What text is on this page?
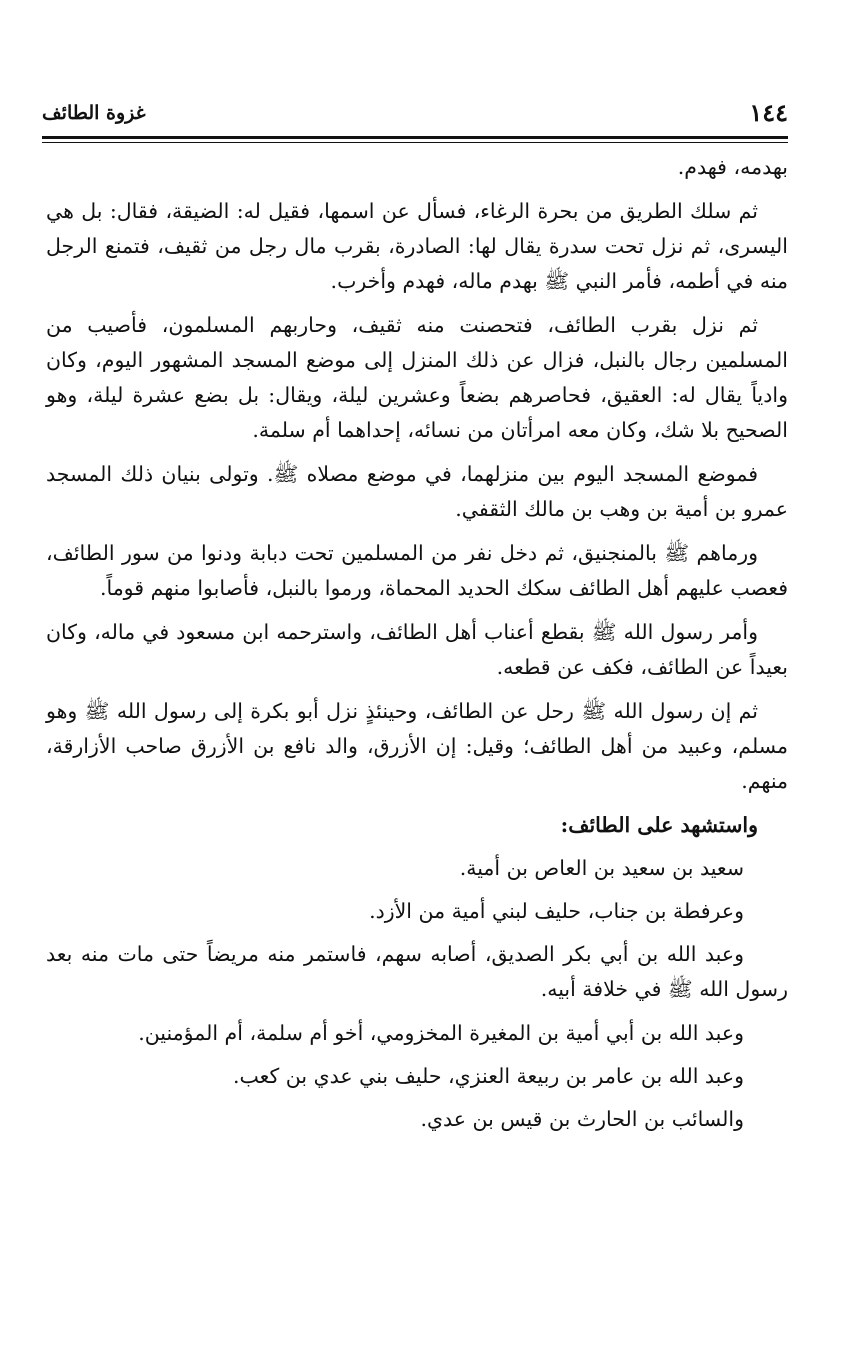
١٤٤
غزوة الطائف

بهدمه، فهدم.

ثم سلك الطريق من بحرة الرغاء، فسأل عن اسمها، فقيل له: الضيقة، فقال: بل هي اليسرى، ثم نزل تحت سدرة يقال لها: الصادرة، بقرب مال رجل من ثقيف، فتمنع الرجل منه في أطمه، فأمر النبي ﷺ بهدم ماله، فهدم وأخرب.

ثم نزل بقرب الطائف، فتحصنت منه ثقيف، وحاربهم المسلمون، فأصيب من المسلمين رجال بالنبل، فزال عن ذلك المنزل إلى موضع المسجد المشهور اليوم، وكان وادياً يقال له: العقيق، فحاصرهم بضعاً وعشرين ليلة، ويقال: بل بضع عشرة ليلة، وهو الصحيح بلا شك، وكان معه امرأتان من نسائه، إحداهما أم سلمة.

فموضع المسجد اليوم بين منزلهما، في موضع مصلاه ﷺ. وتولى بنيان ذلك المسجد عمرو بن أمية بن وهب بن مالك الثقفي.

ورماهم ﷺ بالمنجنيق، ثم دخل نفر من المسلمين تحت دبابة ودنوا من سور الطائف، فعصب عليهم أهل الطائف سكك الحديد المحماة، ورموا بالنبل، فأصابوا منهم قوماً.

وأمر رسول الله ﷺ بقطع أعناب أهل الطائف، واسترحمه ابن مسعود في ماله، وكان بعيداً عن الطائف، فكف عن قطعه.

ثم إن رسول الله ﷺ رحل عن الطائف، وحينئذٍ نزل أبو بكرة إلى رسول الله ﷺ وهو مسلم، وعبيد من أهل الطائف؛ وقيل: إن الأزرق، والد نافع بن الأزرق صاحب الأزارقة، منهم.

واستشهد على الطائف:

سعيد بن سعيد بن العاص بن أمية.

وعرفطة بن جناب، حليف لبني أمية من الأزد.

وعبد الله بن أبي بكر الصديق، أصابه سهم، فاستمر منه مريضاً حتى مات منه بعد رسول الله ﷺ في خلافة أبيه.

وعبد الله بن أبي أمية بن المغيرة المخزومي، أخو أم سلمة، أم المؤمنين.

وعبد الله بن عامر بن ربيعة العنزي، حليف بني عدي بن كعب.

والسائب بن الحارث بن قيس بن عدي.
